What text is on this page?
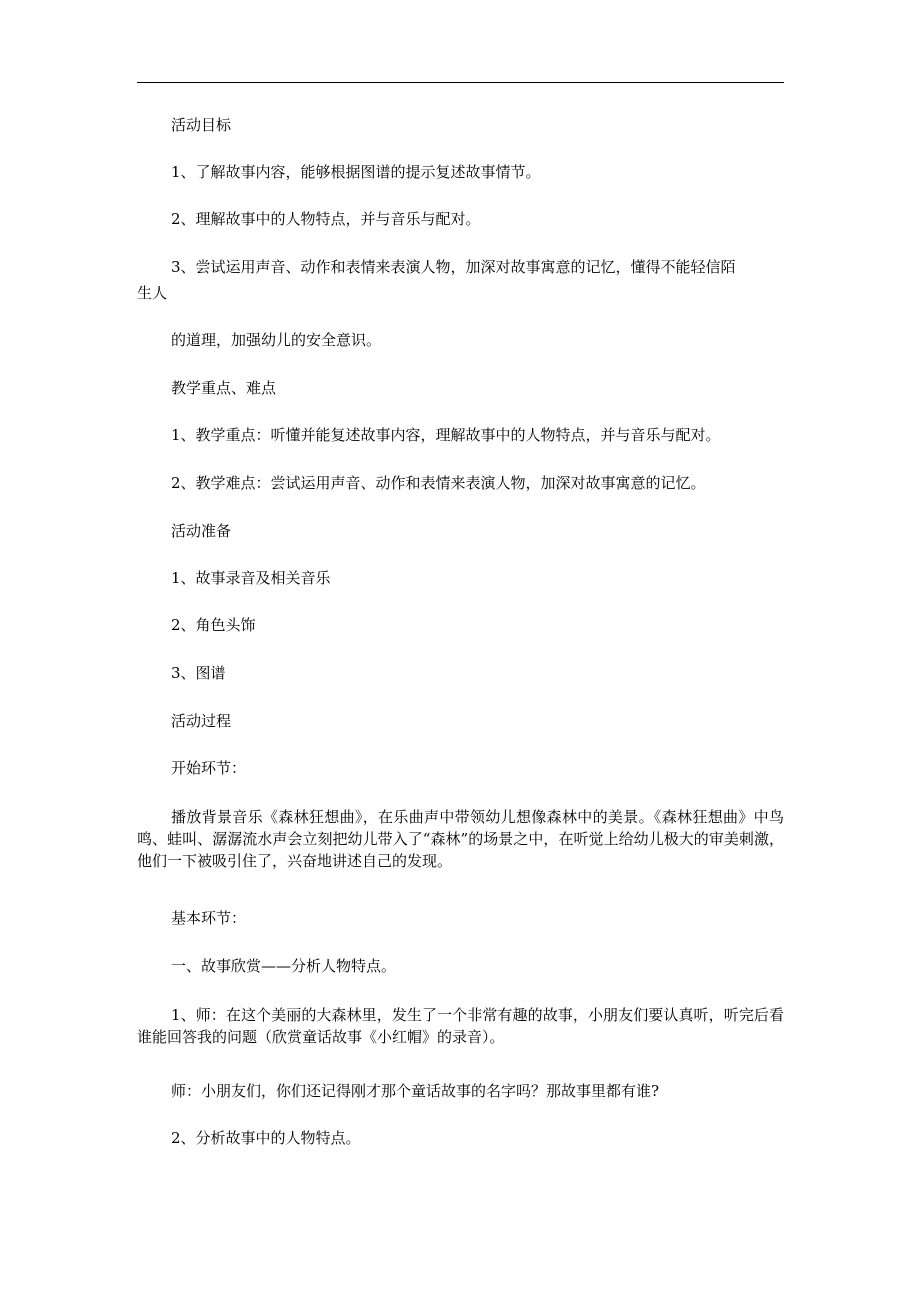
活动目标
1、了解故事内容，能够根据图谱的提示复述故事情节。
2、理解故事中的人物特点，并与音乐与配对。
3、尝试运用声音、动作和表情来表演人物，加深对故事寓意的记忆，懂得不能轻信陌
生人
的道理，加强幼儿的安全意识。
教学重点、难点
1、教学重点：听懂并能复述故事内容，理解故事中的人物特点，并与音乐与配对。
2、教学难点：尝试运用声音、动作和表情来表演人物，加深对故事寓意的记忆。
活动准备
1、故事录音及相关音乐
2、角色头饰
3、图谱
活动过程
开始环节：
播放背景音乐《森林狂想曲》，在乐曲声中带领幼儿想像森林中的美景。《森林狂想曲》中鸟鸣、蛙叫、潺潺流水声会立刻把幼儿带入了“森林”的场景之中，在听觉上给幼儿极大的审美刺激，他们一下被吸引住了，兴奋地讲述自己的发现。
基本环节：
一、故事欣赏——分析人物特点。
1、师：在这个美丽的大森林里，发生了一个非常有趣的故事，小朋友们要认真听，听完后看谁能回答我的问题（欣赏童话故事《小红帽》的录音）。
师：小朋友们，你们还记得刚才那个童话故事的名字吗？那故事里都有谁?
2、分析故事中的人物特点。
